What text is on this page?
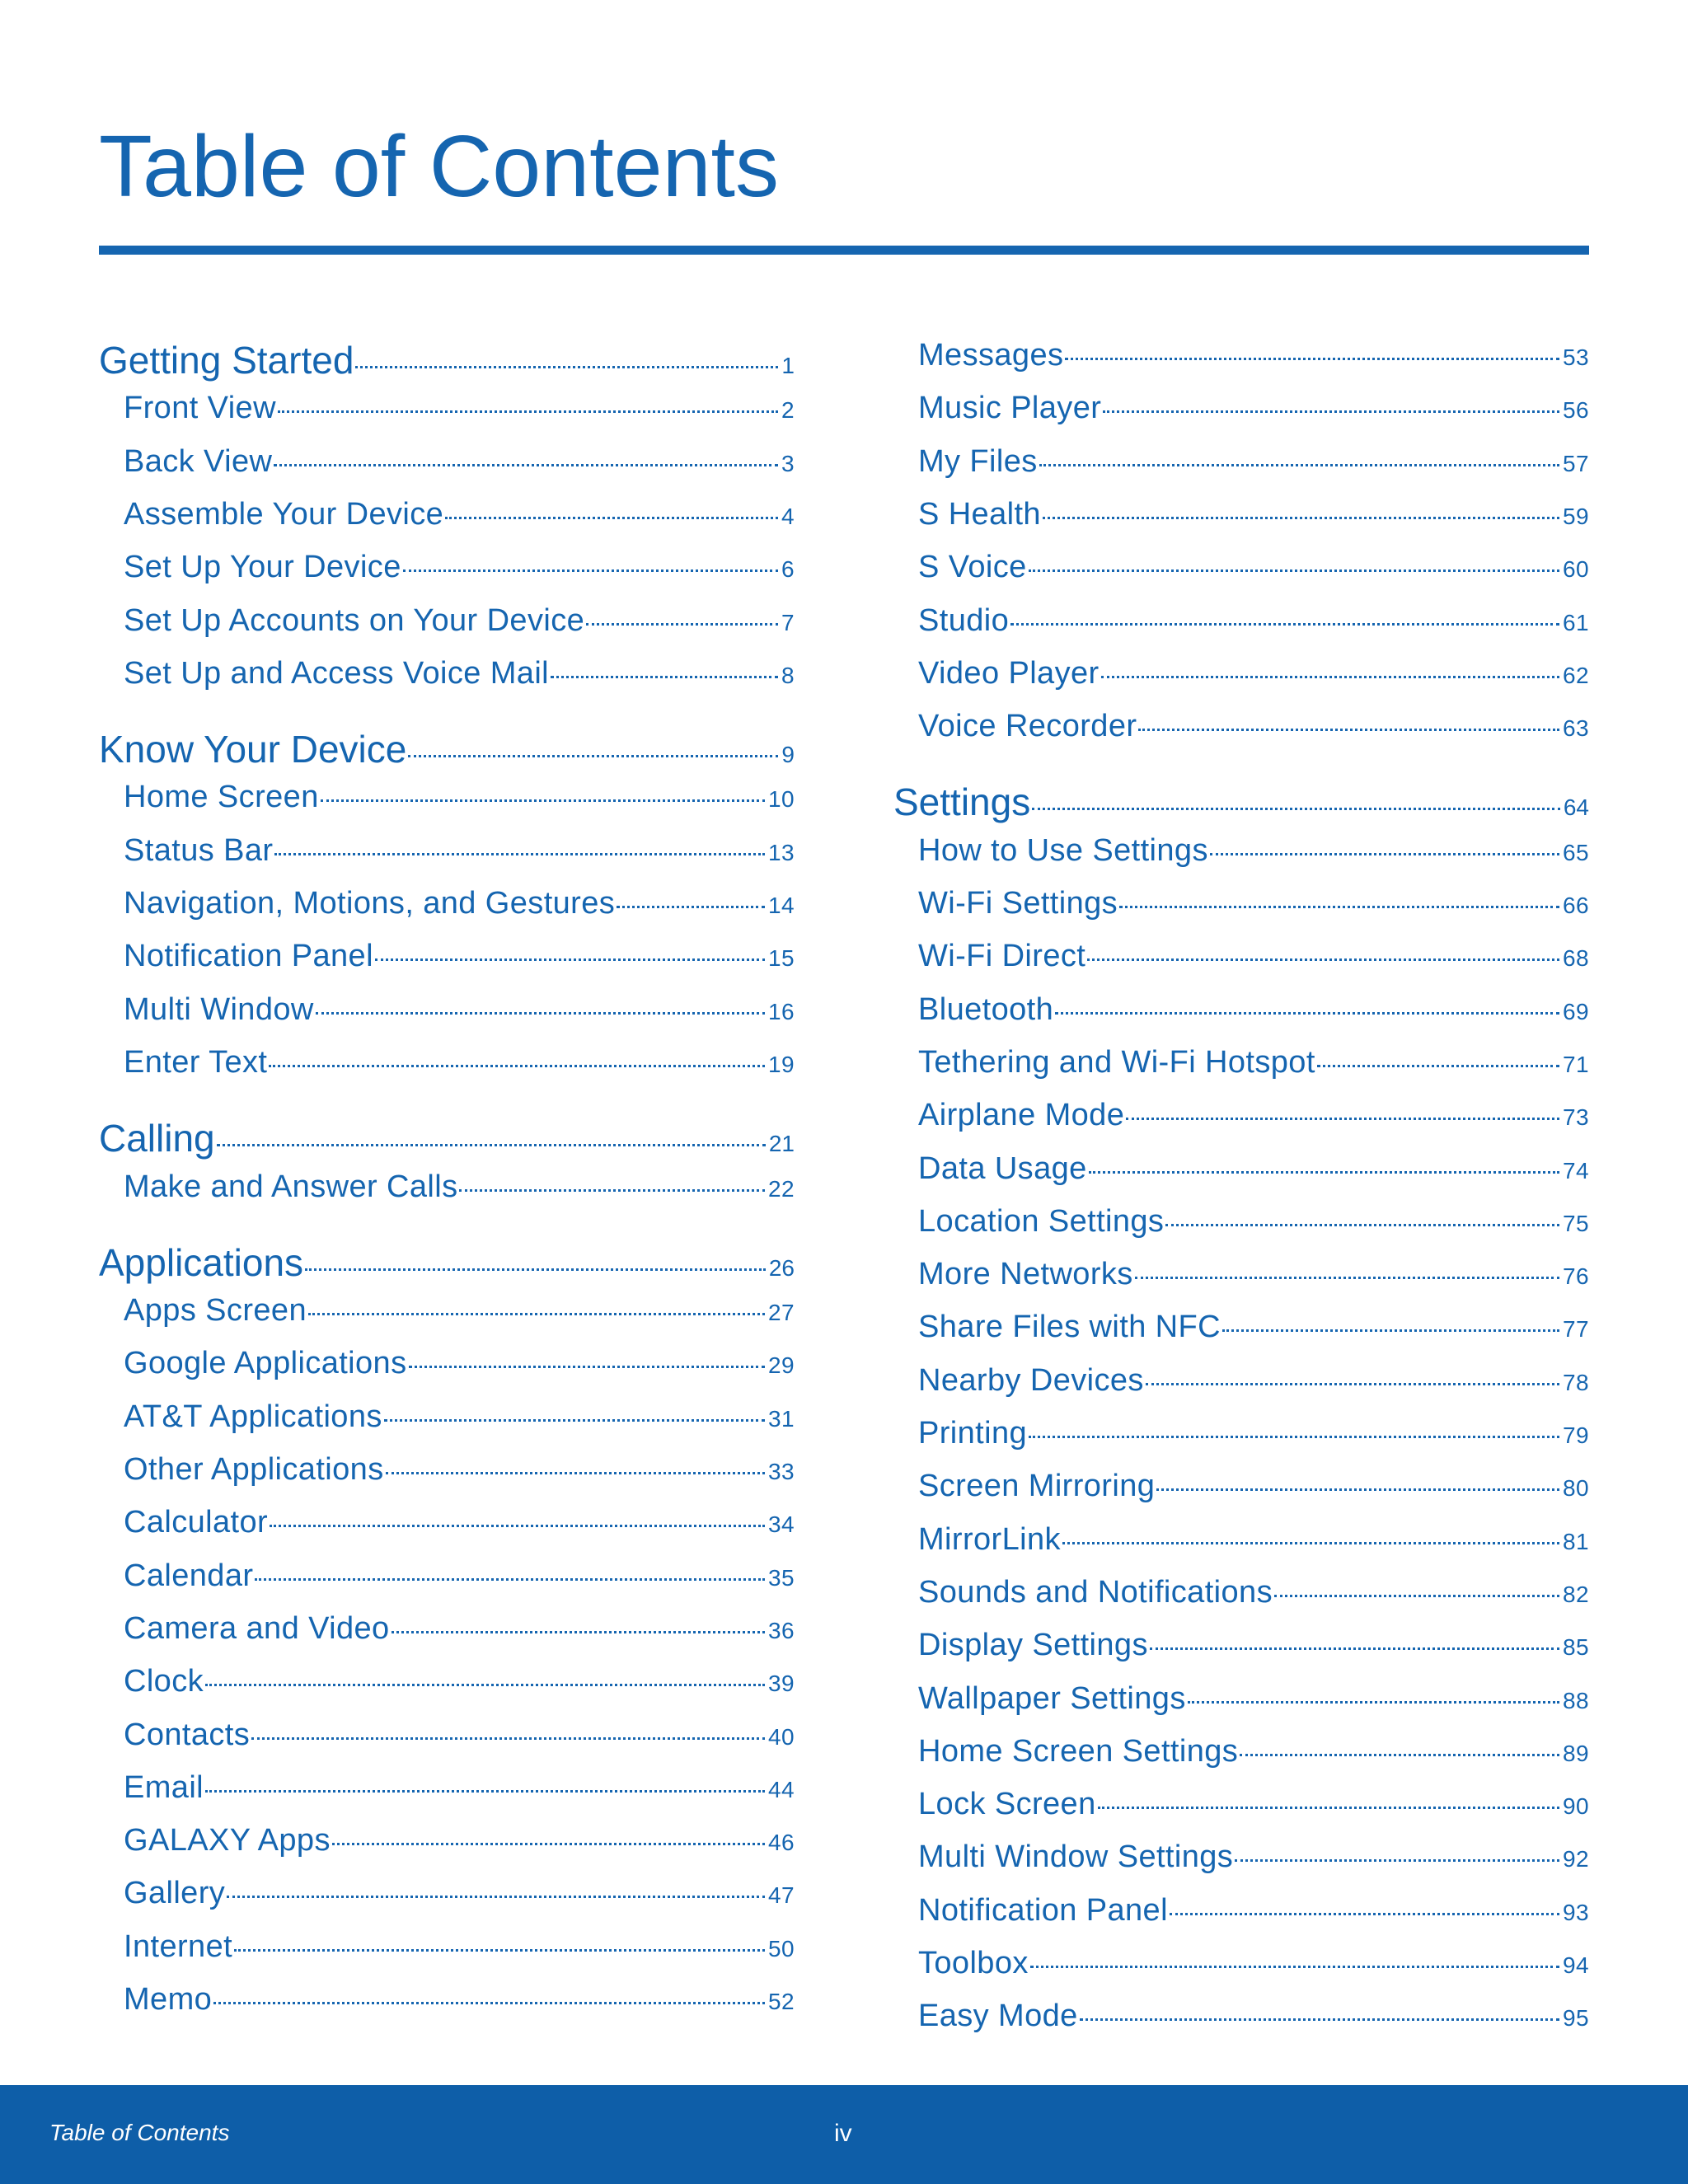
Table of Contents
Getting Started	1
Front View	2
Back View	3
Assemble Your Device	4
Set Up Your Device	6
Set Up Accounts on Your Device	7
Set Up and Access Voice Mail	8
Know Your Device	9
Home Screen	10
Status Bar	13
Navigation, Motions, and Gestures	14
Notification Panel	15
Multi Window	16
Enter Text	19
Calling	21
Make and Answer Calls	22
Applications	26
Apps Screen	27
Google Applications	29
AT&T Applications	31
Other Applications	33
Calculator	34
Calendar	35
Camera and Video	36
Clock	39
Contacts	40
Email	44
GALAXY Apps	46
Gallery	47
Internet	50
Memo	52
Messages	53
Music Player	56
My Files	57
S Health	59
S Voice	60
Studio	61
Video Player	62
Voice Recorder	63
Settings	64
How to Use Settings	65
Wi-Fi Settings	66
Wi-Fi Direct	68
Bluetooth	69
Tethering and Wi-Fi Hotspot	71
Airplane Mode	73
Data Usage	74
Location Settings	75
More Networks	76
Share Files with NFC	77
Nearby Devices	78
Printing	79
Screen Mirroring	80
MirrorLink	81
Sounds and Notifications	82
Display Settings	85
Wallpaper Settings	88
Home Screen Settings	89
Lock Screen	90
Multi Window Settings	92
Notification Panel	93
Toolbox	94
Easy Mode	95
Table of Contents	iv
